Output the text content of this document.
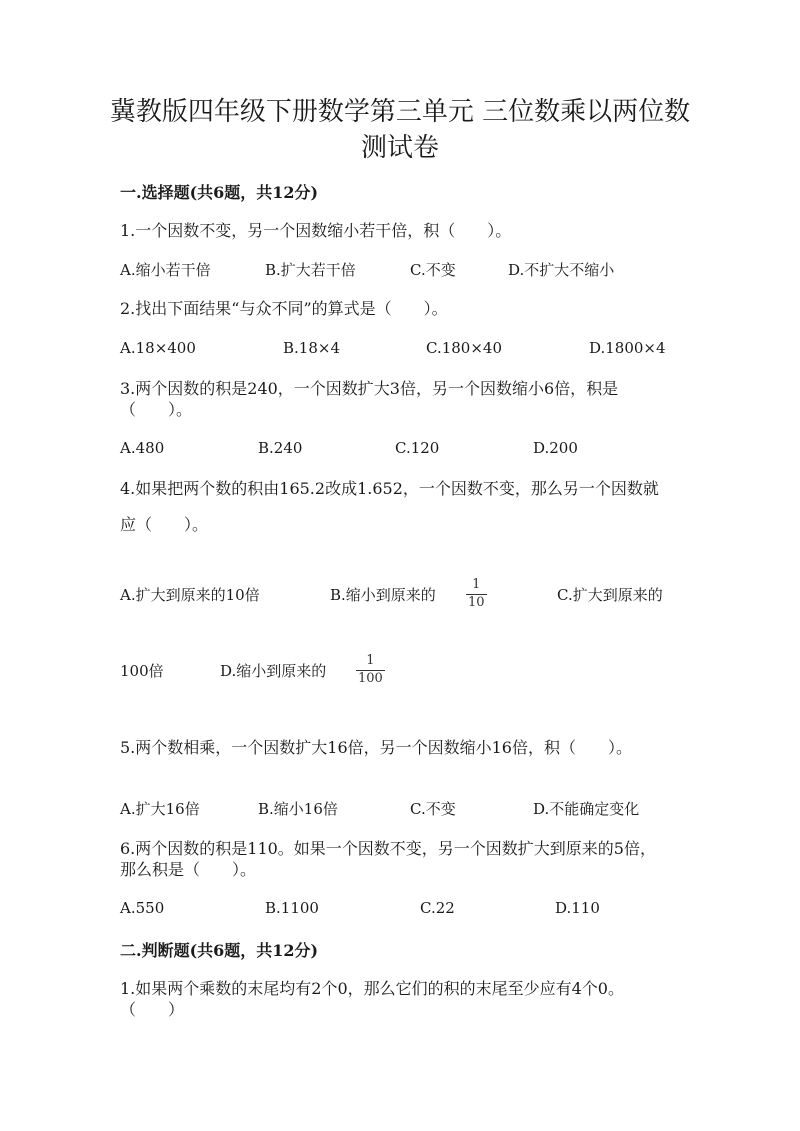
冀教版四年级下册数学第三单元 三位数乘以两位数
测试卷
一.选择题(共6题，共12分)
1.一个因数不变，另一个因数缩小若干倍，积（　　）。
A.缩小若干倍	B.扩大若干倍	C.不变	D.不扩大不缩小
2.找出下面结果“与众不同”的算式是（　　）。
A.18×400	B.18×4	C.180×40	D.1800×4
3.两个因数的积是240，一个因数扩大3倍，另一个因数缩小6倍，积是
（　　）。
A.480	B.240	C.120	D.200
4.如果把两个数的积由165.2改成1.652，一个因数不变，那么另一个因数就
应（　　）。
A.扩大到原来的10倍	B.缩小到原来的
1
10	C.扩大到原来的
100倍	D.缩小到原来的
1
100
5.两个数相乘，一个因数扩大16倍，另一个因数缩小16倍，积（　　）。
A.扩大16倍	B.缩小16倍	C.不变	D.不能确定变化
6.两个因数的积是110。如果一个因数不变，另一个因数扩大到原来的5倍，
那么积是（　　）。
A.550	B.1100	C.22	D.110
二.判断题(共6题，共12分)
1.如果两个乘数的末尾均有2个0，那么它们的积的末尾至少应有4个0。
（　　）
